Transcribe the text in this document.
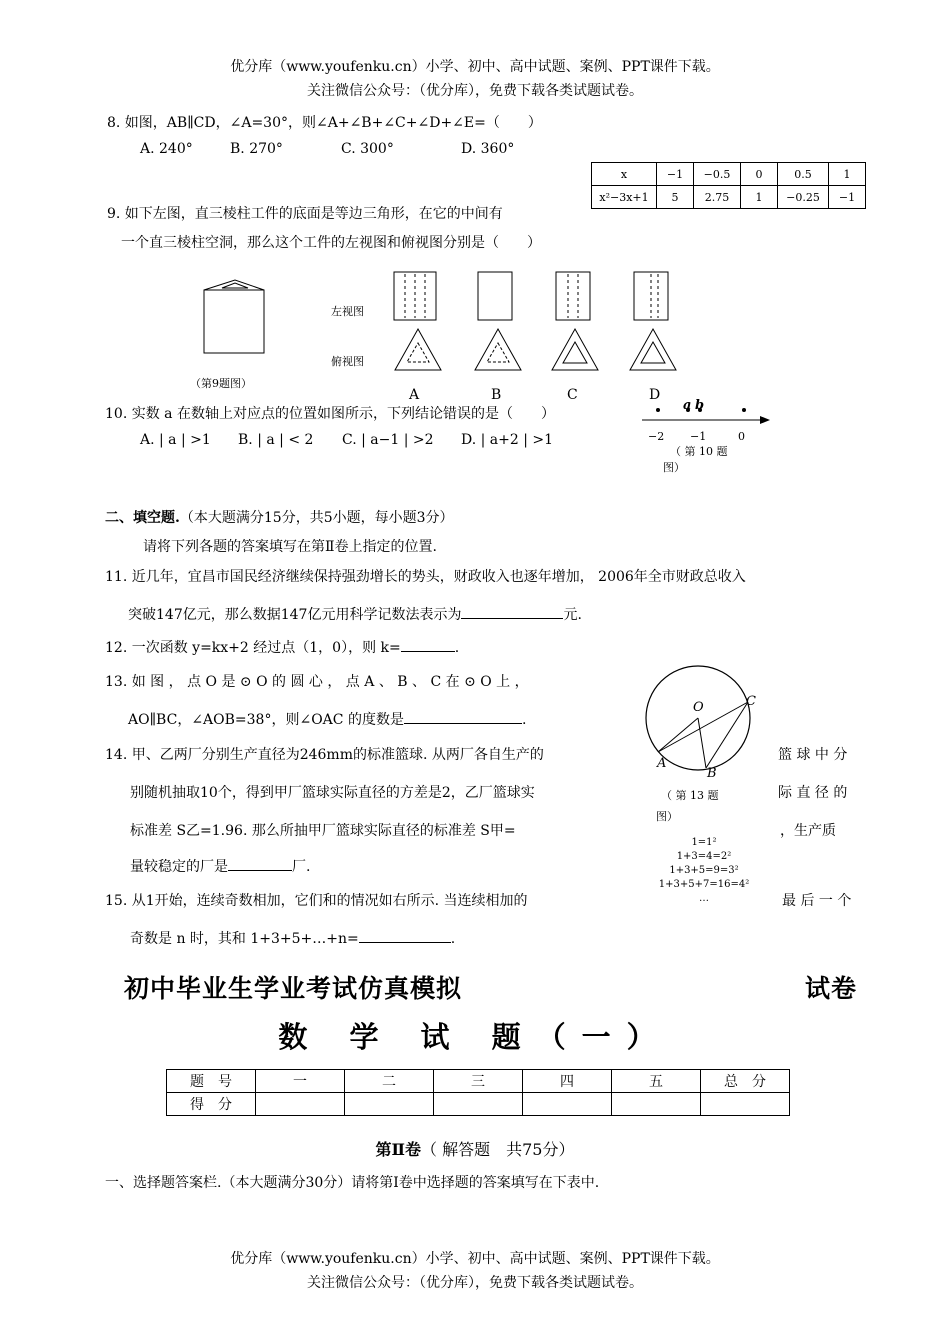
优分库（www.youfenku.cn）小学、初中、高中试题、案例、PPT课件下载。
关注微信公众号：（优分库），免费下载各类试题试卷。
8. 如图，AB∥CD，∠A=30°，则∠A+∠B+∠C+∠D+∠E=（　　）
A. 240°	B. 270°	C. 300°	D. 360°
x	−1	−0.5	0	0.5	1
x²−3x+1	5	2.75	1	−0.25	−1
9. 如下左图，直三棱柱工件的底面是等边三角形，在它的中间有
一个直三棱柱空洞，那么这个工件的左视图和俯视图分别是（　　）
（第9题图）
左视图
俯视图
A	B	C	D
10. 实数 a 在数轴上对应点的位置如图所示，下列结论错误的是（　　）
A. | a | >1 B. | a | < 2 C. | a−1 | >2 D. | a+2 | >1
a b
−2 −1	0
（ 第 10 题
图）
二、填空题.（本大题满分15分，共5小题，每小题3分）
请将下列各题的答案填写在第Ⅱ卷上指定的位置.
11. 近几年，宜昌市国民经济继续保持强劲增长的势头，财政收入也逐年增加， 2006年全市财政总收入
突破147亿元，那么数据147亿元用科学记数法表示为	元.
12. 一次函数 y=kx+2 经过点（1，0），则 k=	.
13. 如 图 ， 点 O 是 ⊙ O 的 圆 心 ， 点 A 、 B 、 C 在 ⊙ O 上 ，
AO∥BC，∠AOB=38°，则∠OAC 的度数是	.
O
A
B
C
（ 第 13 题
图）
14. 甲、乙两厂分别生产直径为246mm的标准篮球. 从两厂各自生产的	篮 球 中 分
别随机抽取10个，得到甲厂篮球实际直径的方差是2，乙厂篮球实	际 直 径 的
标准差 S乙=1.96. 那么所抽甲厂篮球实际直径的标准差 S甲=	，生产质
量较稳定的厂是	厂.
1=1²
1+3=4=2²
1+3+5=9=3²
1+3+5+7=16=4²
…
15. 从1开始，连续奇数相加，它们和的情况如右所示. 当连续相加的	最 后 一 个
奇数是 n 时，其和 1+3+5+…+n=	.
初中毕业生学业考试仿真模拟	试卷
数 学 试 题（一）
题　号	一	二	三	四	五	总　分
得　分						
第Ⅱ卷（ 解答题　共75分）
一、选择题答案栏.（本大题满分30分）请将第Ⅰ卷中选择题的答案填写在下表中.
优分库（www.youfenku.cn）小学、初中、高中试题、案例、PPT课件下载。
关注微信公众号：（优分库），免费下载各类试题试卷。
